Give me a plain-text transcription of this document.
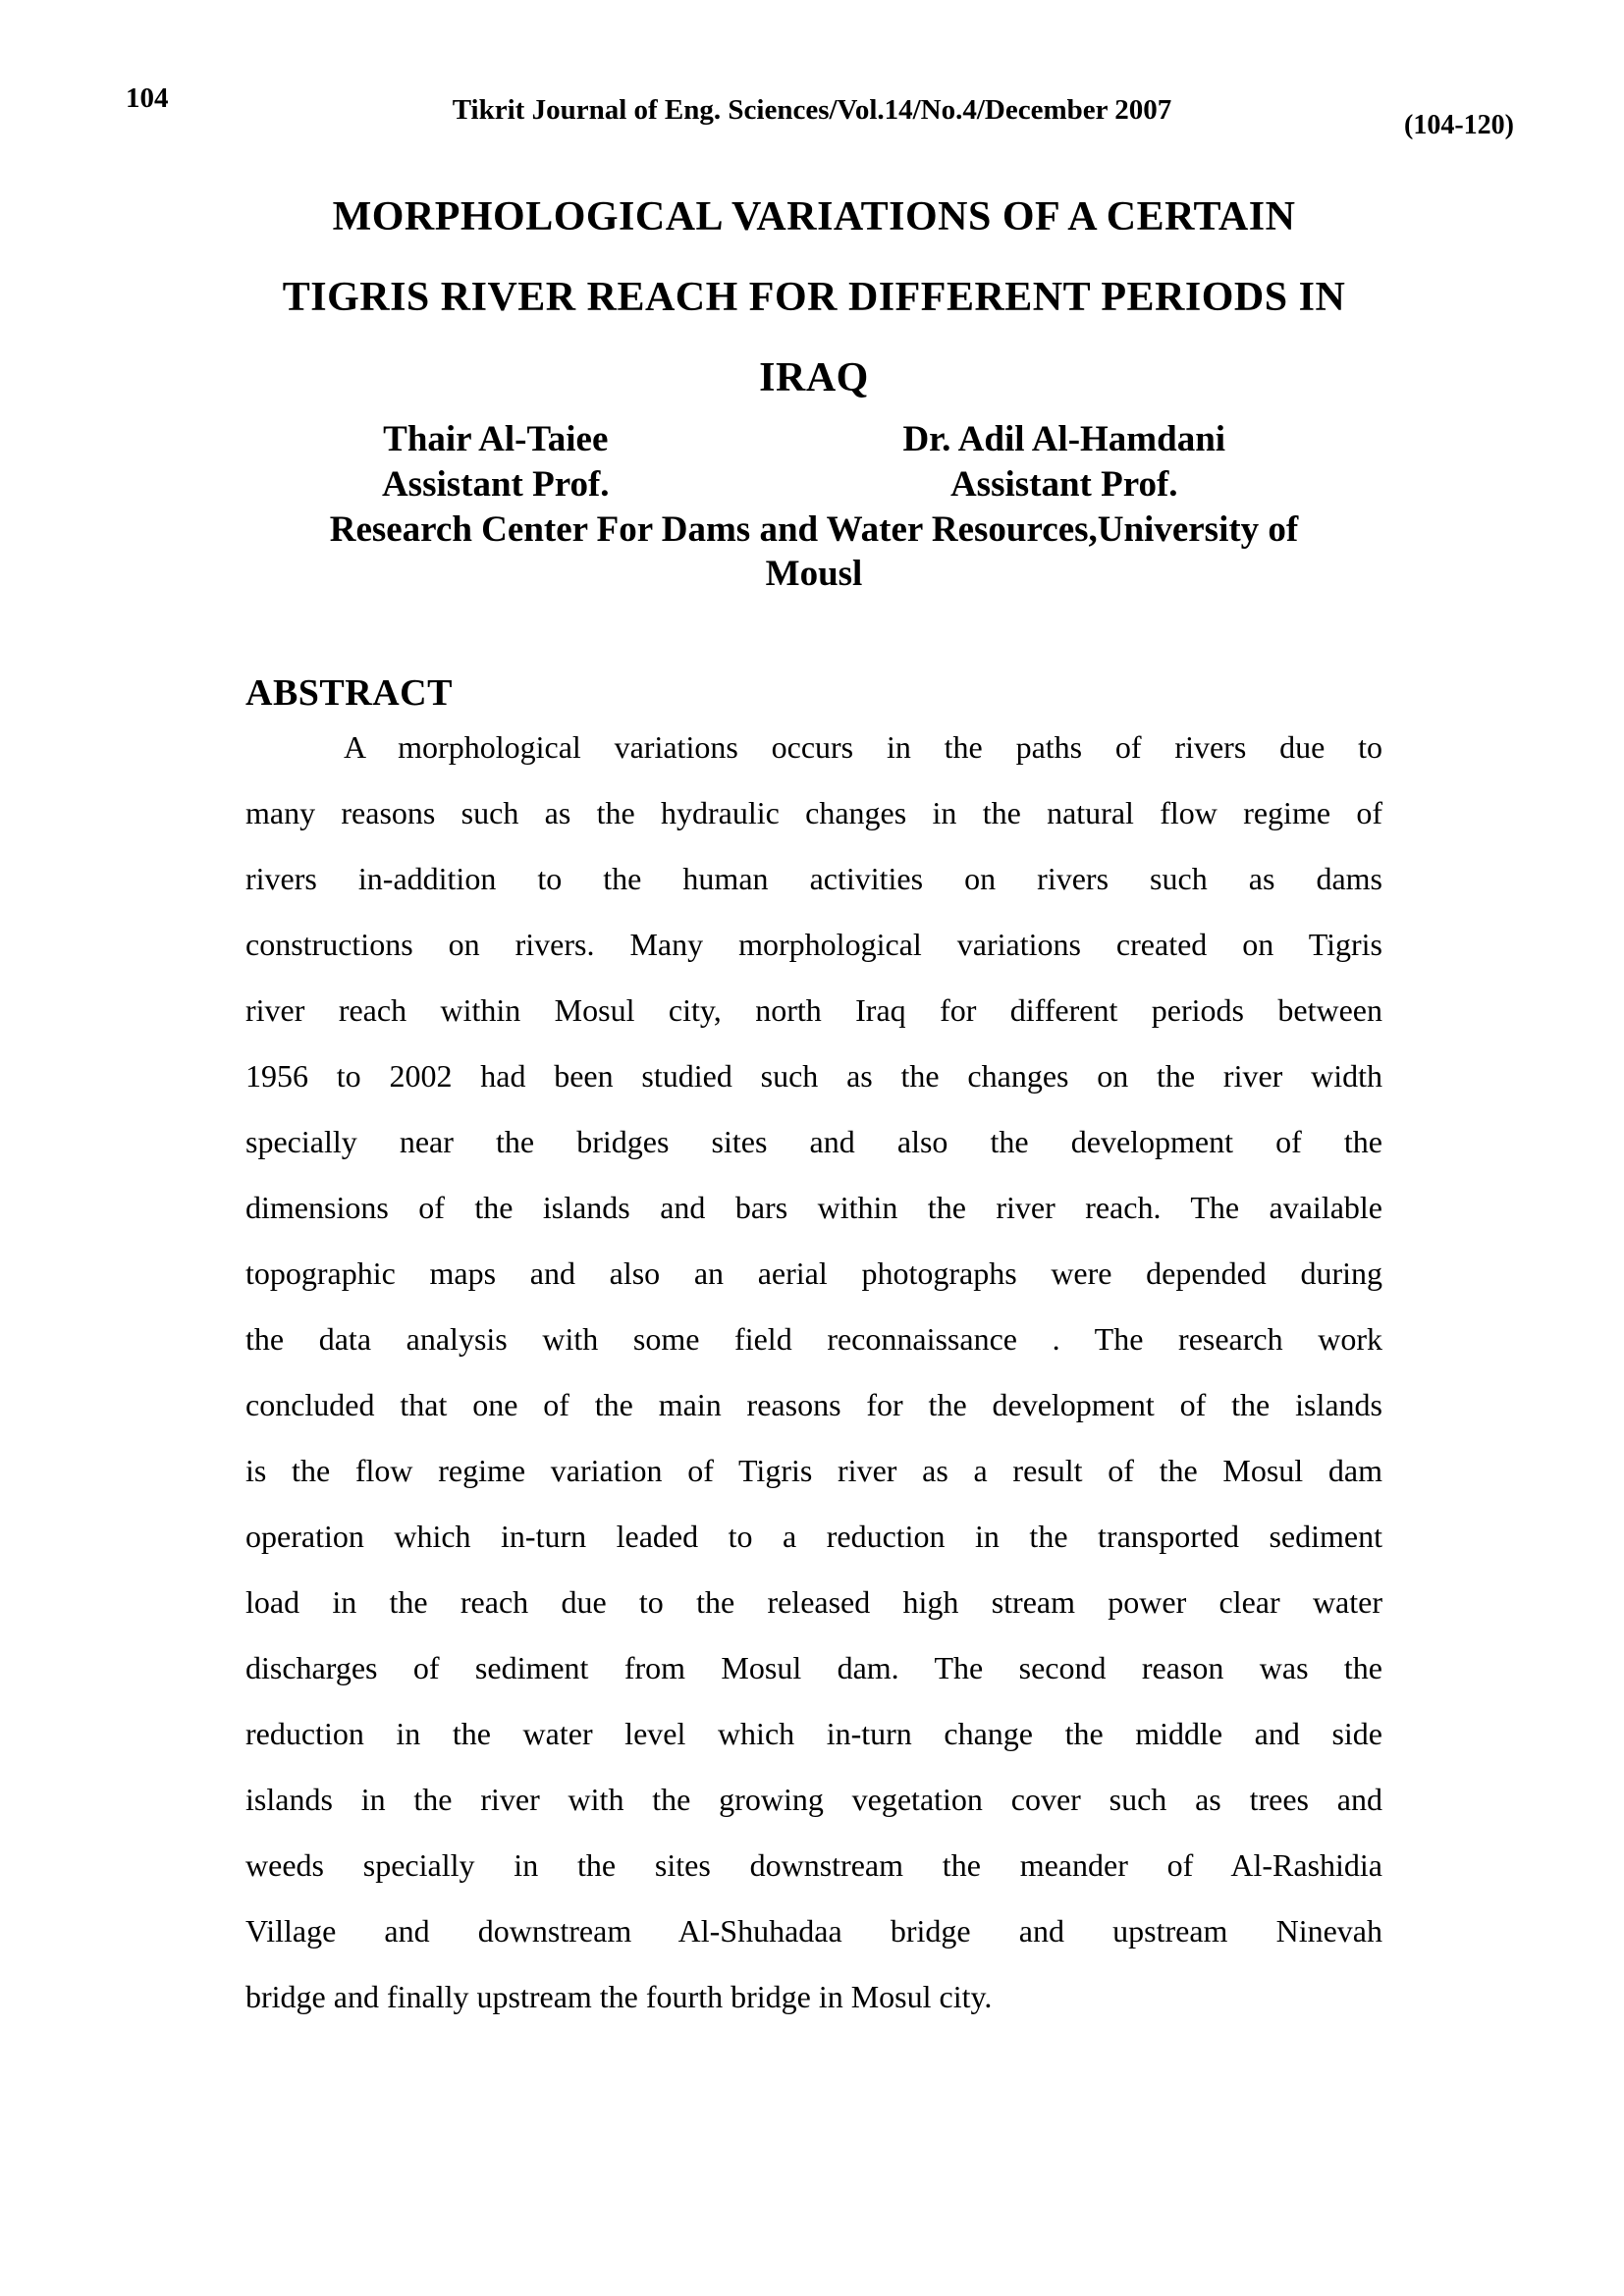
104	Tikrit Journal of Eng. Sciences/Vol.14/No.4/December 2007	(104-120)
MORPHOLOGICAL VARIATIONS OF A CERTAIN
TIGRIS RIVER REACH FOR DIFFERENT PERIODS IN
IRAQ
Thair Al-Taiee
Assistant Prof.
Dr. Adil Al-Hamdani
Assistant Prof.
Research Center For Dams and Water Resources,University of
Mousl
ABSTRACT
A morphological variations occurs in the paths of rivers due to
many reasons such as the hydraulic changes in the natural flow regime of
rivers in-addition to the human activities on rivers such as dams
constructions on rivers. Many morphological variations created on Tigris
river reach within Mosul city, north Iraq for different periods between
1956 to 2002 had been studied such as the changes on the river width
specially near the bridges sites and also the development of the
dimensions of the islands and bars within the river reach. The available
topographic maps and also an aerial photographs were depended during
the data analysis with some field reconnaissance . The research work
concluded that one of the main reasons for the development of the islands
is the flow regime variation of Tigris river as a result of the Mosul dam
operation which in-turn leaded to a reduction in the transported sediment
load in the reach due to the released high stream power clear water
discharges of sediment from Mosul dam. The second reason was the
reduction in the water level which in-turn change the middle and side
islands in the river with the growing vegetation cover such as trees and
weeds specially in the sites downstream the meander of Al-Rashidia
Village and downstream Al-Shuhadaa bridge and upstream Ninevah
bridge and finally upstream the fourth bridge in Mosul city.
